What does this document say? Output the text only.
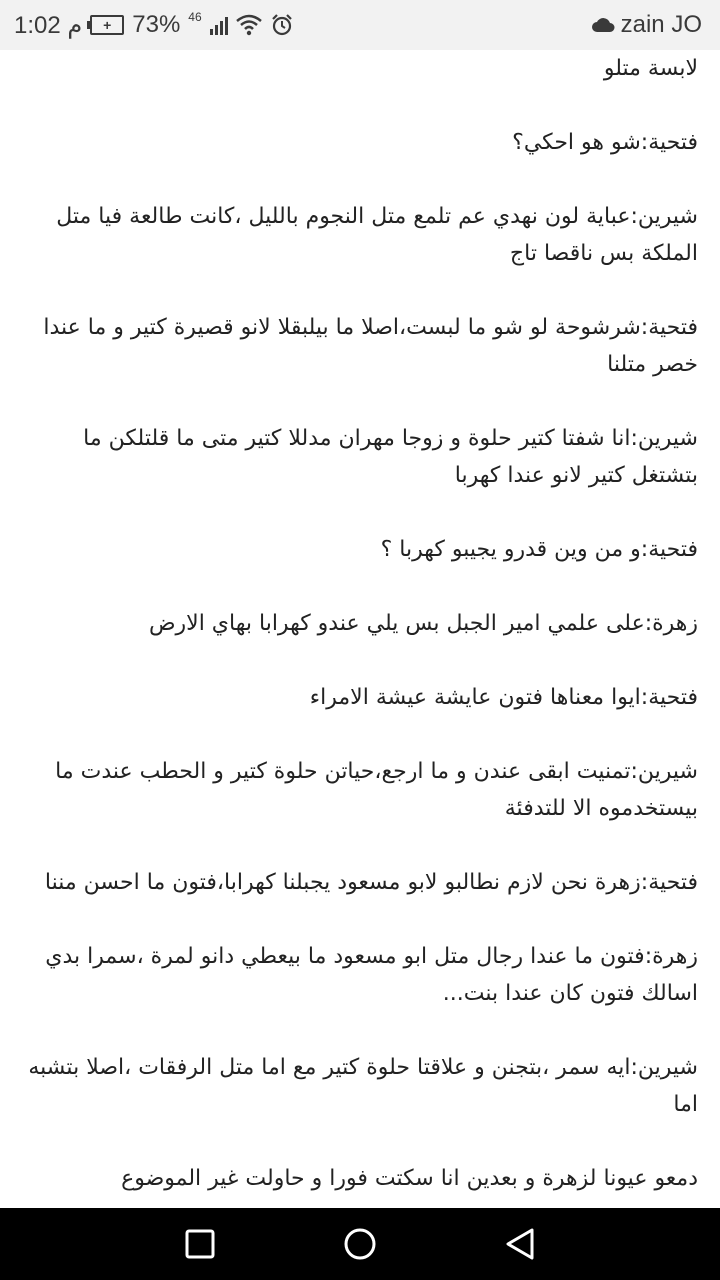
1:02 م	+ 73% 46	zain JO

لابسة متلو

فتحية:شو هو احكي؟

شيرين:عباية لون نهدي عم تلمع متل النجوم بالليل ،كانت طالعة فيا متل الملكة بس ناقصا تاج

فتحية:شرشوحة لو شو ما لبست،اصلا ما بيلبقلا لانو قصيرة كتير و ما عندا خصر متلنا

شيرين:انا شفتا كتير حلوة و زوجا مهران مدللا كتير متى ما قلتلكن ما بتشتغل كتير لانو عندا كهربا

فتحية:و من وين قدرو يجيبو كهربا ؟

زهرة:على علمي امير الجبل بس يلي عندو كهرابا بهاي الارض

فتحية:ايوا معناها فتون عايشة عيشة الامراء

شيرين:تمنيت ابقى عندن و ما ارجع،حياتن حلوة كتير و الحطب عندت ما بيستخدموه الا للتدفئة

فتحية:زهرة نحن لازم نطالبو لابو مسعود يجبلنا كهرابا،فتون ما احسن مننا

زهرة:فتون ما عندا رجال متل ابو مسعود ما بيعطي دانو لمرة ،سمرا بدي اسالك فتون كان عندا بنت...

شيرين:ايه سمر ،بتجنن و علاقتا حلوة كتير مع اما متل الرفقات ،اصلا بتشبه اما

دمعو عيونا لزهرة و بعدين انا سكتت فورا و حاولت غير الموضوع
